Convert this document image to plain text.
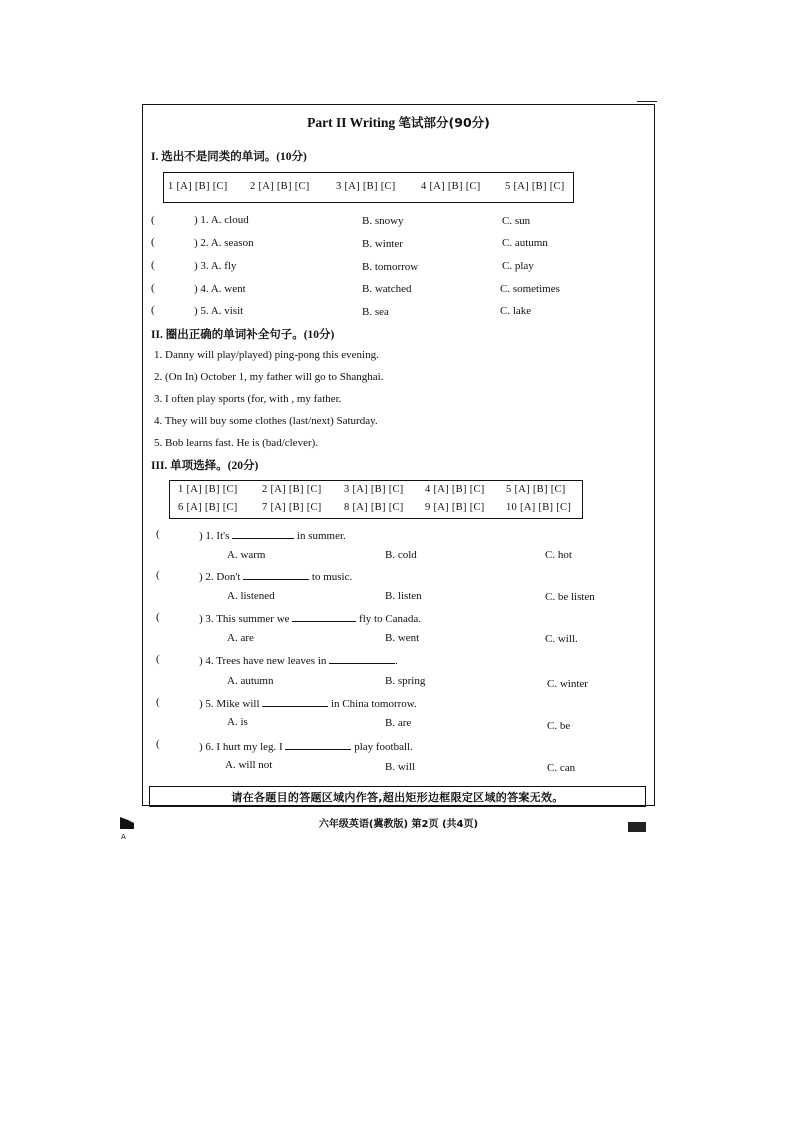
Part II Writing 笔试部分(90分)
I. 选出不是同类的单词。(10分)
1 [A] [B] [C] 2 [A] [B] [C]	3 [A] [B] [C] 4 [A] [B] [C] 5 [A] [B] [C]
(	) 1. A. cloud	B. snowy	C. sun
(	) 2. A. season	B. winter	C. autumn
(	) 3. A. fly	B. tomorrow	C. play
(	) 4. A. went	B. watched	C. sometimes
(	) 5. A. visit	B. sea	C. lake
II. 圈出正确的单词补全句子。(10分)
1. Danny will play/played) ping-pong this evening.
2. (On In) October 1, my father will go to Shanghai.
3. I often play sports (for, with , my father.
4. They will buy some clothes (last/next) Saturday.
5. Bob learns fast. He is (bad/clever).
III. 单项选择。(20分)
1 [A] [B] [C] 2 [A] [B] [C] 3 [A] [B] [C] 4 [A] [B] [C] 5 [A] [B] [C]
6 [A] [B] [C] 7 [A] [B] [C] 8 [A] [B] [C] 9 [A] [B] [C] 10 [A] [B] [C]
(	) 1. It's	in summer.
A. warm	B. cold	C. hot
(	) 2. Don't	to music.
A. listened	B. listen	C. be listen
(	) 3. This summer we	fly to Canada.
A. are	B. went	C. will.
(	) 4. Trees have new leaves in	.
A. autumn	B. spring	C. winter
(	) 5. Mike will	in China tomorrow.
A. is	B. are	C. be
(	) 6. I hurt my leg. I	play football.
A. will not	B. will	C. can
请在各题目的答题区域内作答,超出矩形边框限定区域的答案无效。
六年级英语(冀教版) 第2页 (共4页)
A
